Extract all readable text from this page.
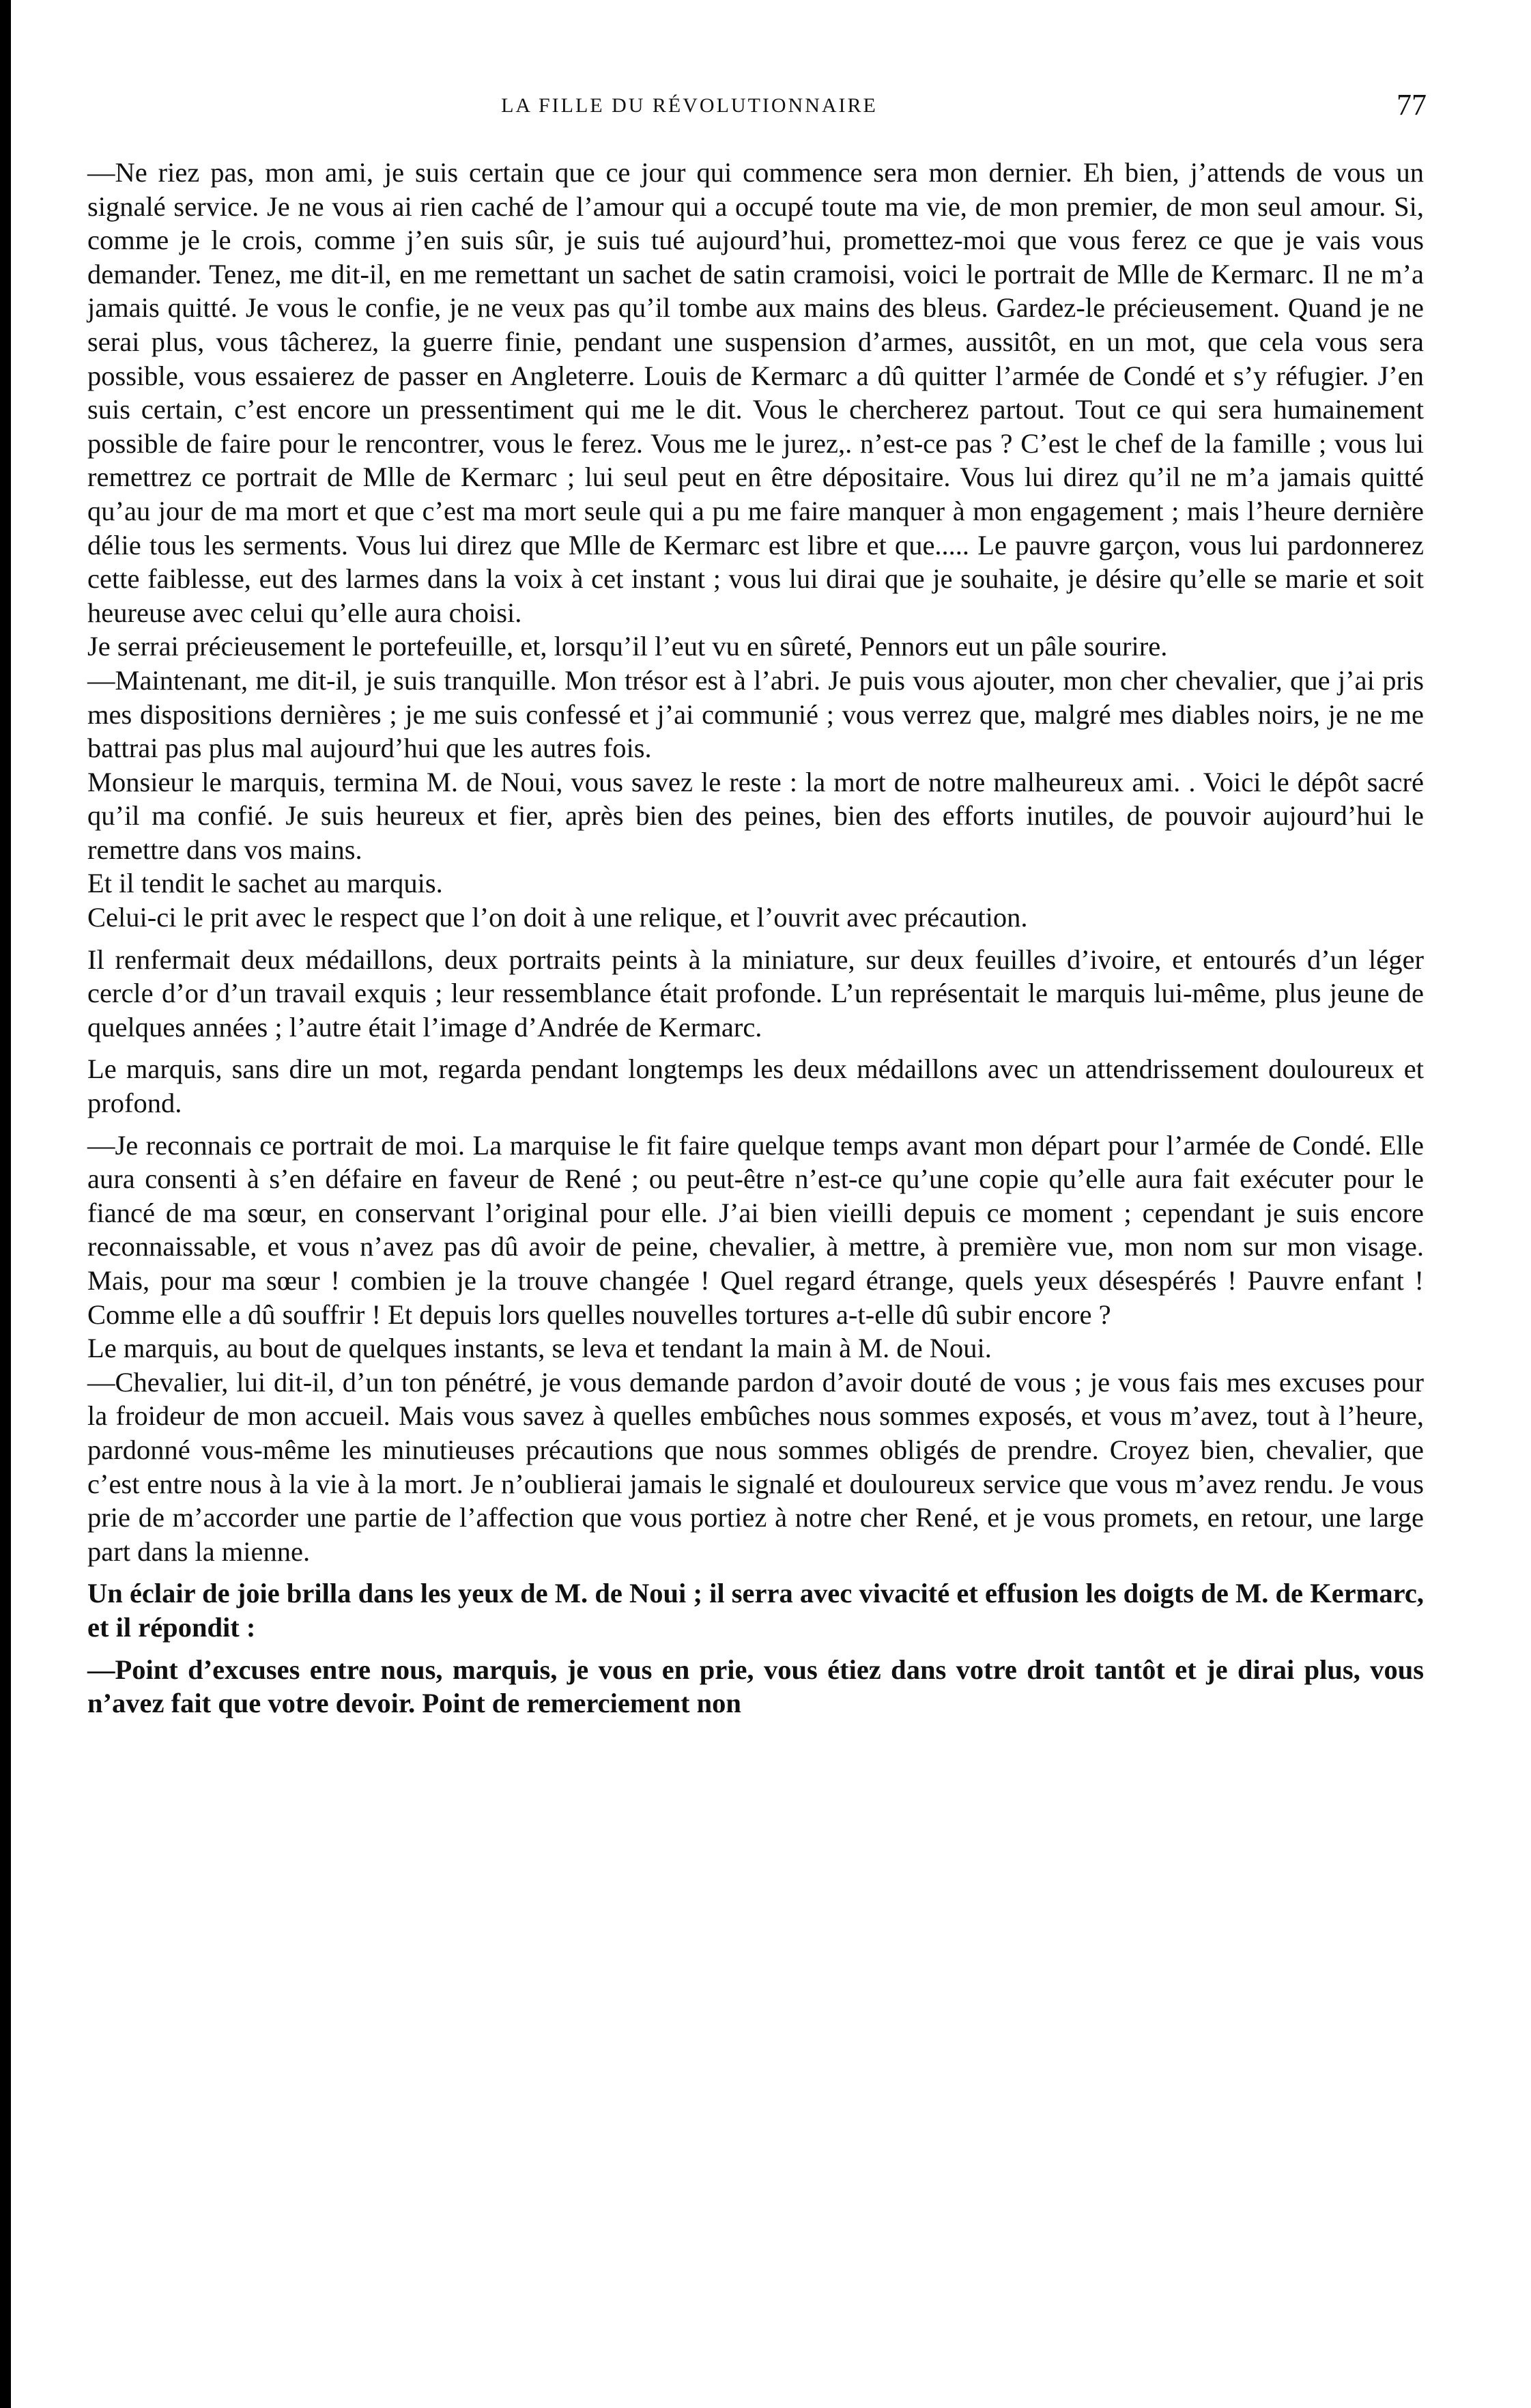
LA FILLE DU RÉVOLUTIONNAIRE	77

—Ne riez pas, mon ami, je suis certain que ce jour qui commence sera mon dernier. Eh bien, j’attends de vous un signalé service. Je ne vous ai rien caché de l’amour qui a occupé toute ma vie, de mon premier, de mon seul amour. Si, comme je le crois, comme j’en suis sûr, je suis tué aujourd’hui, promettez-moi que vous ferez ce que je vais vous demander. Tenez, me dit-il, en me remettant un sachet de satin cramoisi, voici le portrait de Mlle de Kermarc. Il ne m’a jamais quitté. Je vous le confie, je ne veux pas qu’il tombe aux mains des bleus. Gardez-le précieusement. Quand je ne serai plus, vous tâcherez, la guerre finie, pendant une suspension d’armes, aussitôt, en un mot, que cela vous sera possible, vous essaierez de passer en Angleterre. Louis de Kermarc a dû quitter l’armée de Condé et s’y réfugier. J’en suis certain, c’est encore un pressentiment qui me le dit. Vous le chercherez partout. Tout ce qui sera humainement possible de faire pour le rencontrer, vous le ferez. Vous me le jurez,. n’est-ce pas ? C’est le chef de la famille ; vous lui remettrez ce portrait de Mlle de Kermarc ; lui seul peut en être dépositaire. Vous lui direz qu’il ne m’a jamais quitté qu’au jour de ma mort et que c’est ma mort seule qui a pu me faire manquer à mon engagement ; mais l’heure dernière délie tous les serments. Vous lui direz que Mlle de Kermarc est libre et que..... Le pauvre garçon, vous lui pardonnerez cette faiblesse, eut des larmes dans la voix à cet instant ; vous lui dirai que je souhaite, je désire qu’elle se marie et soit heureuse avec celui qu’elle aura choisi.

Je serrai précieusement le portefeuille, et, lorsqu’il l’eut vu en sûreté, Pennors eut un pâle sourire.

—Maintenant, me dit-il, je suis tranquille. Mon trésor est à l’abri. Je puis vous ajouter, mon cher chevalier, que j’ai pris mes dispositions dernières ; je me suis confessé et j’ai communié ; vous verrez que, malgré mes diables noirs, je ne me battrai pas plus mal aujourd’hui que les autres fois.

Monsieur le marquis, termina M. de Noui, vous savez le reste : la mort de notre malheureux ami. . Voici le dépôt sacré qu’il ma confié. Je suis heureux et fier, après bien des peines, bien des efforts inutiles, de pouvoir aujourd’hui le remettre dans vos mains.

Et il tendit le sachet au marquis.

Celui-ci le prit avec le respect que l’on doit à une relique, et l’ouvrit avec précaution.

Il renfermait deux médaillons, deux portraits peints à la miniature, sur deux feuilles d’ivoire, et entourés d’un léger cercle d’or d’un travail exquis ; leur ressemblance était profonde. L’un représentait le marquis lui-même, plus jeune de quelques années ; l’autre était l’image d’Andrée de Kermarc.

Le marquis, sans dire un mot, regarda pendant longtemps les deux médaillons avec un attendrissement douloureux et profond.

—Je reconnais ce portrait de moi. La marquise le fit faire quelque temps avant mon départ pour l’armée de Condé. Elle aura consenti à s’en défaire en faveur de René ; ou peut-être n’est-ce qu’une copie qu’elle aura fait exécuter pour le fiancé de ma sœur, en conservant l’original pour elle. J’ai bien vieilli depuis ce moment ; cependant je suis encore reconnaissable, et vous n’avez pas dû avoir de peine, chevalier, à mettre, à première vue, mon nom sur mon visage. Mais, pour ma sœur ! combien je la trouve changée ! Quel regard étrange, quels yeux désespérés ! Pauvre enfant ! Comme elle a dû souffrir ! Et depuis lors quelles nouvelles tortures a-t-elle dû subir encore ?

Le marquis, au bout de quelques instants, se leva et tendant la main à M. de Noui.

—Chevalier, lui dit-il, d’un ton pénétré, je vous demande pardon d’avoir douté de vous ; je vous fais mes excuses pour la froideur de mon accueil. Mais vous savez à quelles embûches nous sommes exposés, et vous m’avez, tout à l’heure, pardonné vous-même les minutieuses précautions que nous sommes obligés de prendre. Croyez bien, chevalier, que c’est entre nous à la vie à la mort. Je n’oublierai jamais le signalé et douloureux service que vous m’avez rendu. Je vous prie de m’accorder une partie de l’affection que vous portiez à notre cher René, et je vous promets, en retour, une large part dans la mienne.

Un éclair de joie brilla dans les yeux de M. de Noui ; il serra avec vivacité et effusion les doigts de M. de Kermarc, et il répondit :

—Point d’excuses entre nous, marquis, je vous en prie, vous étiez dans votre droit tantôt et je dirai plus, vous n’avez fait que votre devoir. Point de remerciement non
